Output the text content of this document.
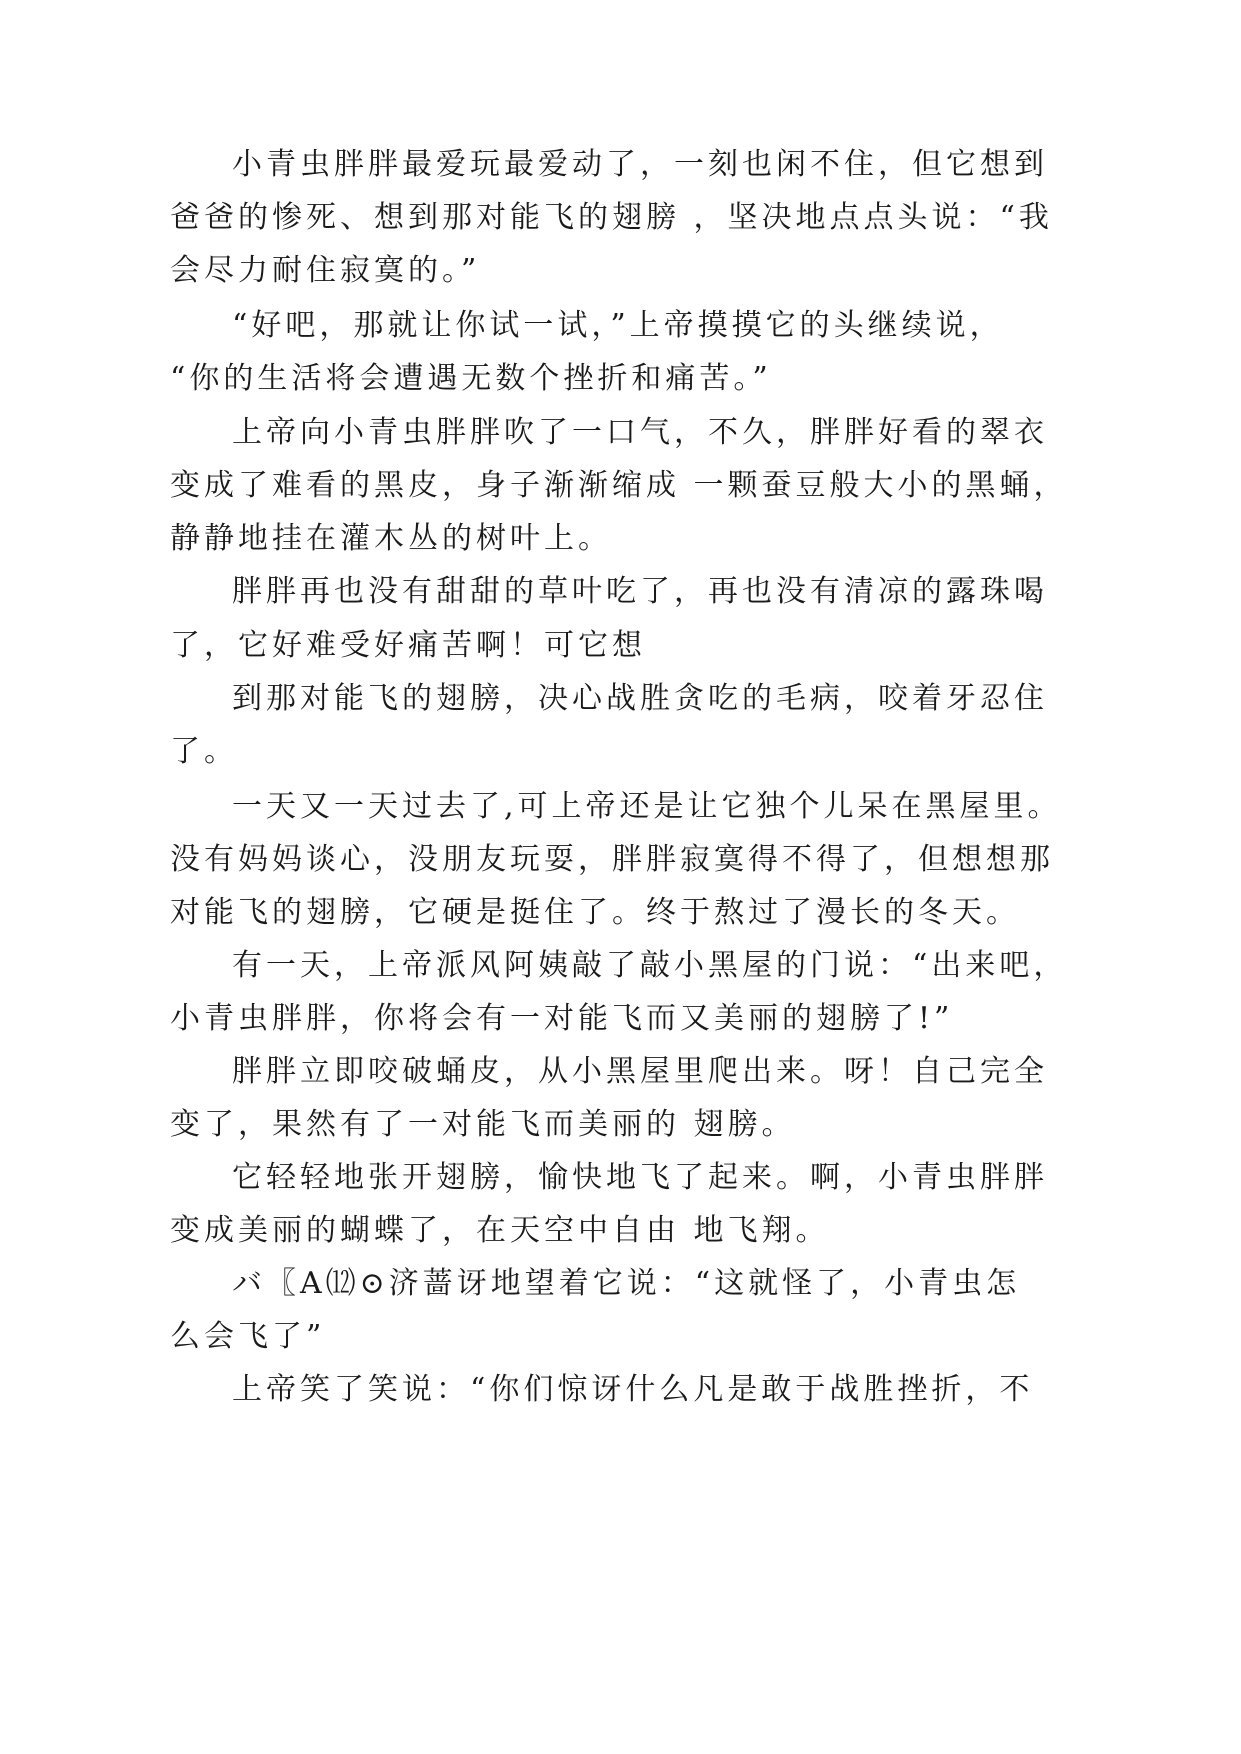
小青虫胖胖最爱玩最爱动了，一刻也闲不住，但它想到
爸爸的惨死、想到那对能飞的翅膀 ，坚决地点点头说：“我
会尽力耐住寂寞的。”
“好吧，那就让你试一试，”上帝摸摸它的头继续说，
“你的生活将会遭遇无数个挫折和痛苦。”
上帝向小青虫胖胖吹了一口气，不久，胖胖好看的翠衣
变成了难看的黑皮，身子渐渐缩成 一颗蚕豆般大小的黑蛹，
静静地挂在灌木丛的树叶上。
胖胖再也没有甜甜的草叶吃了，再也没有清凉的露珠喝
了，它好难受好痛苦啊！可它想
到那对能飞的翅膀，决心战胜贪吃的毛病，咬着牙忍住
了。
一天又一天过去了,可上帝还是让它独个儿呆在黑屋里。
没有妈妈谈心，没朋友玩耍，胖胖寂寞得不得了，但想想那
对能飞的翅膀，它硬是挺住了。终于熬过了漫长的冬天。
有一天，上帝派风阿姨敲了敲小黑屋的门说：“出来吧，
小青虫胖胖，你将会有一对能飞而又美丽的翅膀了!”
胖胖立即咬破蛹皮，从小黑屋里爬出来。呀！自己完全
变了，果然有了一对能飞而美丽的 翅膀。
它轻轻地张开翅膀，愉快地飞了起来。啊，小青虫胖胖
变成美丽的蝴蝶了，在天空中自由 地飞翔。
バ〖Α⑿⊙济蔷讶地望着它说：“这就怪了，小青虫怎
么会飞了”
上帝笑了笑说：“你们惊讶什么凡是敢于战胜挫折，不
